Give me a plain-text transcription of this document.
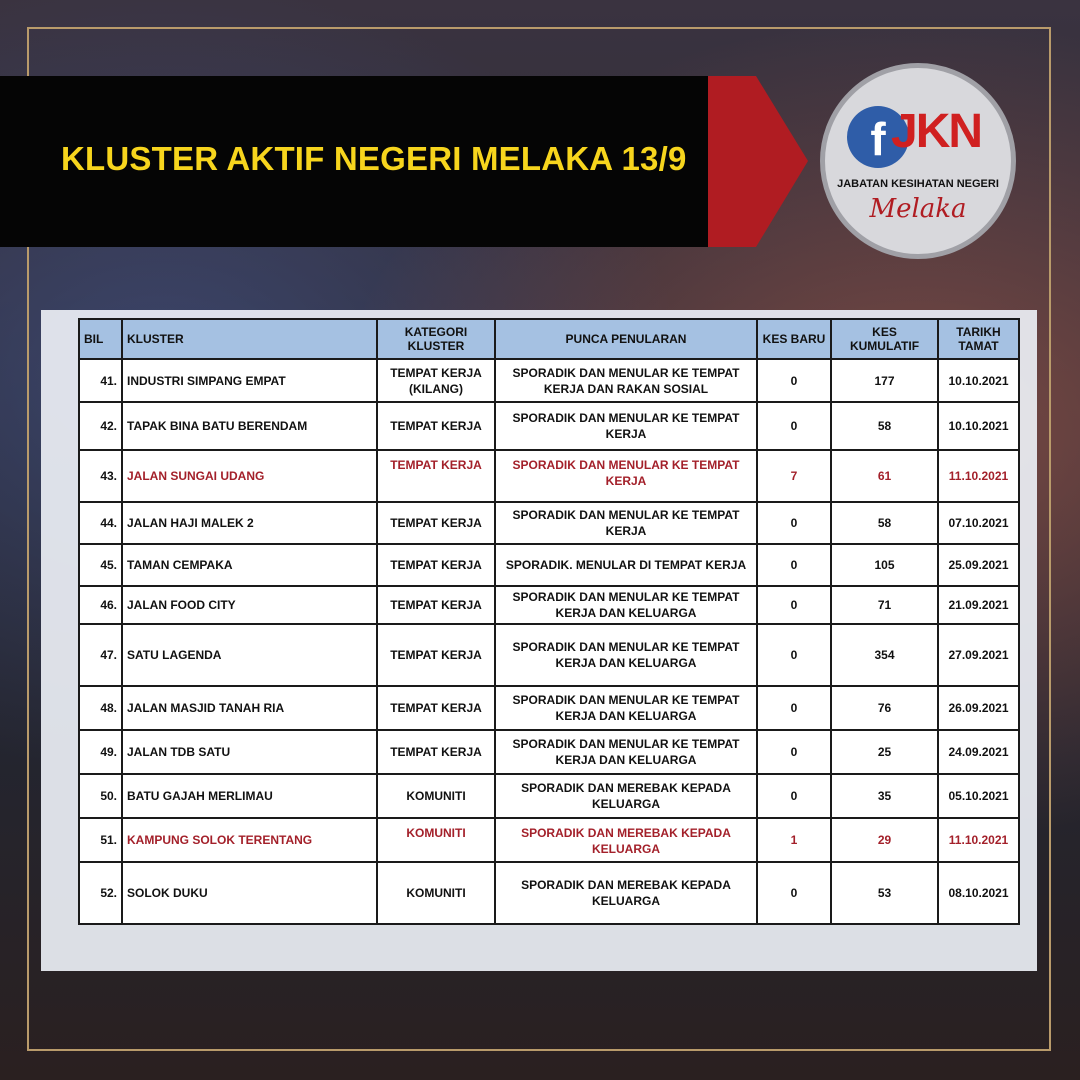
KLUSTER AKTIF NEGERI MELAKA 13/9	f JKN
JABATAN KESIHATAN NEGERI
Melaka
BIL	KLUSTER	KATEGORI KLUSTER	PUNCA PENULARAN	KES BARU	KES KUMULATIF	TARIKH TAMAT
41.	INDUSTRI SIMPANG EMPAT	TEMPAT KERJA (KILANG)	SPORADIK DAN MENULAR KE TEMPAT KERJA DAN RAKAN SOSIAL	0	177	10.10.2021
42.	TAPAK BINA BATU BERENDAM	TEMPAT KERJA	SPORADIK DAN MENULAR KE TEMPAT KERJA	0	58	10.10.2021
43.	JALAN SUNGAI UDANG	TEMPAT KERJA	SPORADIK DAN MENULAR KE TEMPAT KERJA	7	61	11.10.2021
44.	JALAN HAJI MALEK 2	TEMPAT KERJA	SPORADIK DAN MENULAR KE TEMPAT KERJA	0	58	07.10.2021
45.	TAMAN CEMPAKA	TEMPAT KERJA	SPORADIK. MENULAR DI TEMPAT KERJA	0	105	25.09.2021
46.	JALAN FOOD CITY	TEMPAT KERJA	SPORADIK DAN MENULAR KE TEMPAT KERJA DAN KELUARGA	0	71	21.09.2021
47.	SATU LAGENDA	TEMPAT KERJA	SPORADIK DAN MENULAR KE TEMPAT KERJA DAN KELUARGA	0	354	27.09.2021
48.	JALAN MASJID TANAH RIA	TEMPAT KERJA	SPORADIK DAN MENULAR KE TEMPAT KERJA DAN KELUARGA	0	76	26.09.2021
49.	JALAN TDB SATU	TEMPAT KERJA	SPORADIK DAN MENULAR KE TEMPAT KERJA DAN KELUARGA	0	25	24.09.2021
50.	BATU GAJAH MERLIMAU	KOMUNITI	SPORADIK DAN MEREBAK KEPADA KELUARGA	0	35	05.10.2021
51.	KAMPUNG SOLOK TERENTANG	KOMUNITI	SPORADIK DAN MEREBAK KEPADA KELUARGA	1	29	11.10.2021
52.	SOLOK DUKU	KOMUNITI	SPORADIK DAN MEREBAK KEPADA KELUARGA	0	53	08.10.2021
